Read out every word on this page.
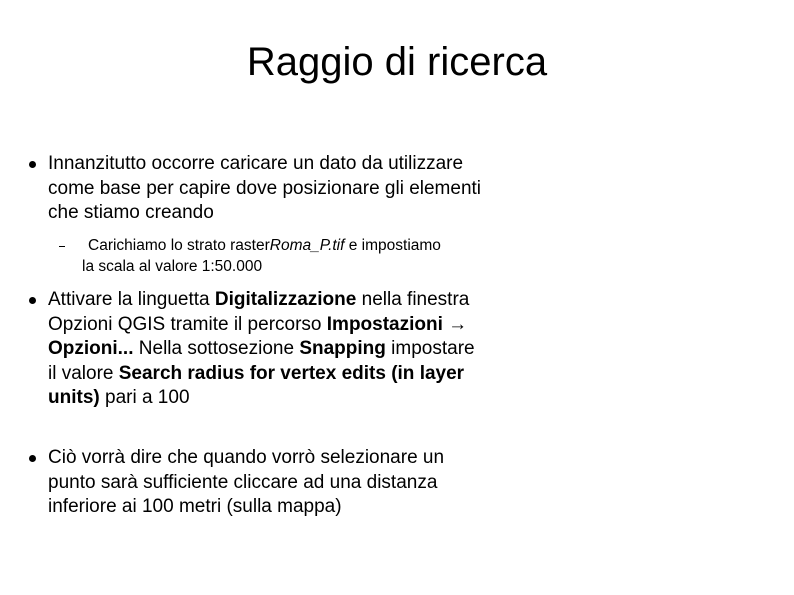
Raggio di ricerca
Innanzitutto occorre caricare un dato da utilizzare come base per capire dove posizionare gli elementi che stiamo creando
Carichiamo lo strato rasterRoma_P.tif e impostiamo la scala al valore 1:50.000
Attivare la linguetta Digitalizzazione nella finestra Opzioni QGIS tramite il percorso Impostazioni → Opzioni... Nella sottosezione Snapping impostare il valore Search radius for vertex edits (in layer units) pari a 100
Ciò vorrà dire che quando vorrò selezionare un punto sarà sufficiente cliccare ad una distanza inferiore ai 100 metri (sulla mappa)
